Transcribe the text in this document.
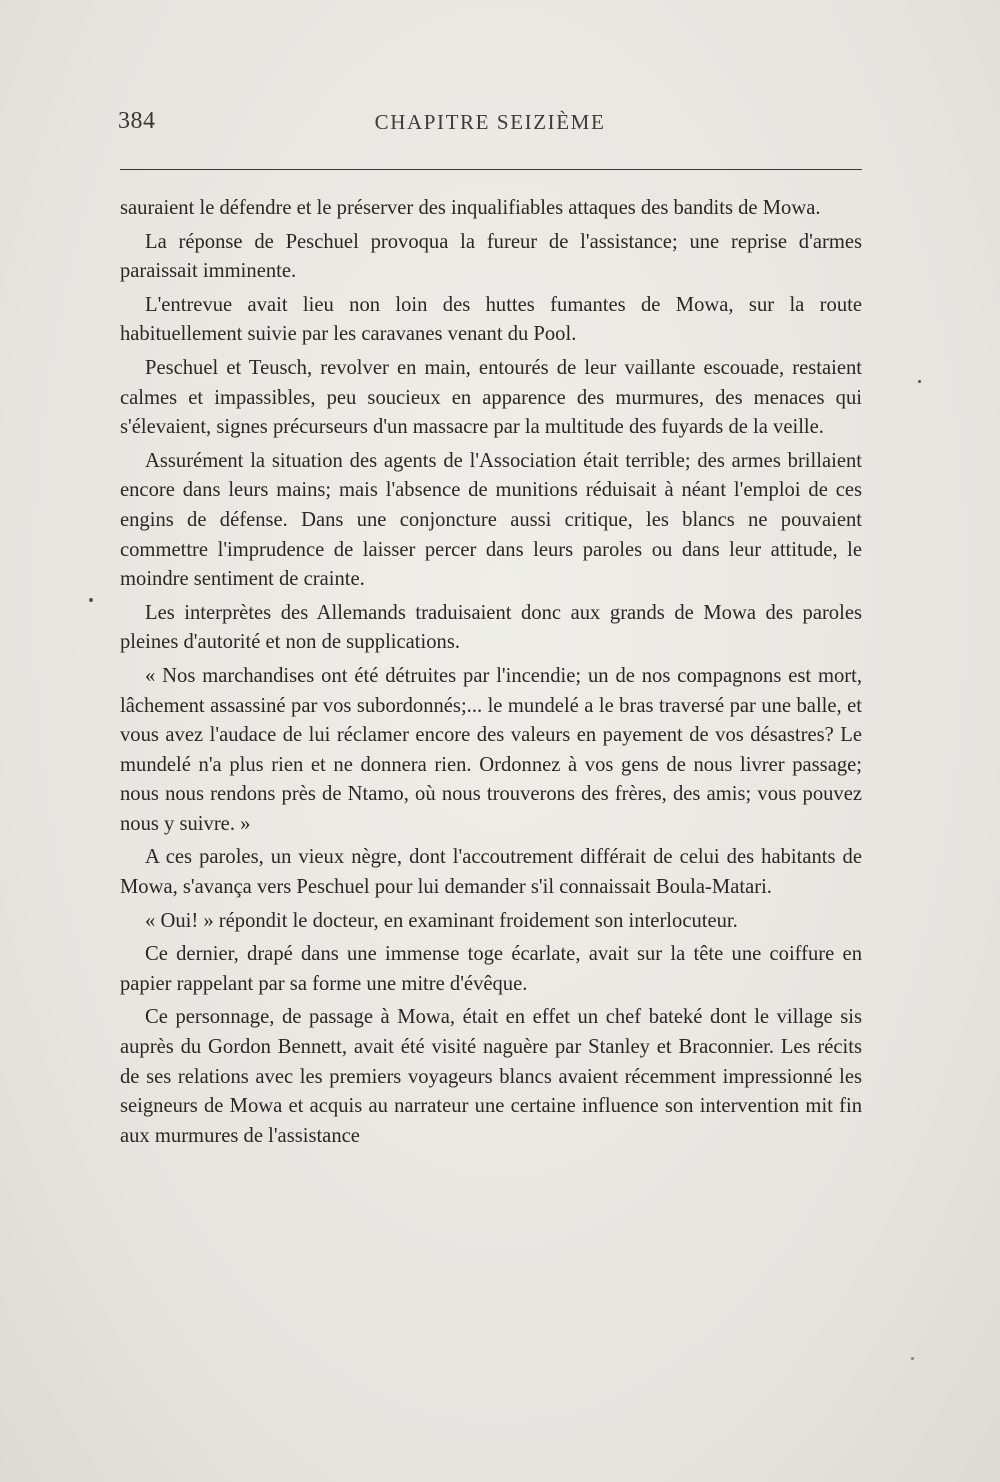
384	CHAPITRE SEIZIÈME

sauraient le défendre et le préserver des inqualifiables attaques des bandits de Mowa.

La réponse de Peschuel provoqua la fureur de l'assistance; une reprise d'armes paraissait imminente.

L'entrevue avait lieu non loin des huttes fumantes de Mowa, sur la route habituellement suivie par les caravanes venant du Pool.

Peschuel et Teusch, revolver en main, entourés de leur vaillante escouade, restaient calmes et impassibles, peu soucieux en apparence des murmures, des menaces qui s'élevaient, signes précurseurs d'un massacre par la multitude des fuyards de la veille.

Assurément la situation des agents de l'Association était terrible; des armes brillaient encore dans leurs mains; mais l'absence de munitions réduisait à néant l'emploi de ces engins de défense. Dans une conjoncture aussi critique, les blancs ne pouvaient commettre l'imprudence de laisser percer dans leurs paroles ou dans leur attitude, le moindre sentiment de crainte.

Les interprètes des Allemands traduisaient donc aux grands de Mowa des paroles pleines d'autorité et non de supplications.

« Nos marchandises ont été détruites par l'incendie; un de nos compagnons est mort, lâchement assassiné par vos subordonnés;... le mundelé a le bras traversé par une balle, et vous avez l'audace de lui réclamer encore des valeurs en payement de vos désastres? Le mundelé n'a plus rien et ne donnera rien. Ordonnez à vos gens de nous livrer passage; nous nous rendons près de Ntamo, où nous trouverons des frères, des amis; vous pouvez nous y suivre. »

A ces paroles, un vieux nègre, dont l'accoutrement différait de celui des habitants de Mowa, s'avança vers Peschuel pour lui demander s'il connaissait Boula-Matari.

« Oui! » répondit le docteur, en examinant froidement son interlocuteur.

Ce dernier, drapé dans une immense toge écarlate, avait sur la tête une coiffure en papier rappelant par sa forme une mitre d'évêque.

Ce personnage, de passage à Mowa, était en effet un chef bateké dont le village sis auprès du Gordon Bennett, avait été visité naguère par Stanley et Braconnier. Les récits de ses relations avec les premiers voyageurs blancs avaient récemment impressionné les seigneurs de Mowa et acquis au narrateur une certaine influence son intervention mit fin aux murmures de l'assistance
